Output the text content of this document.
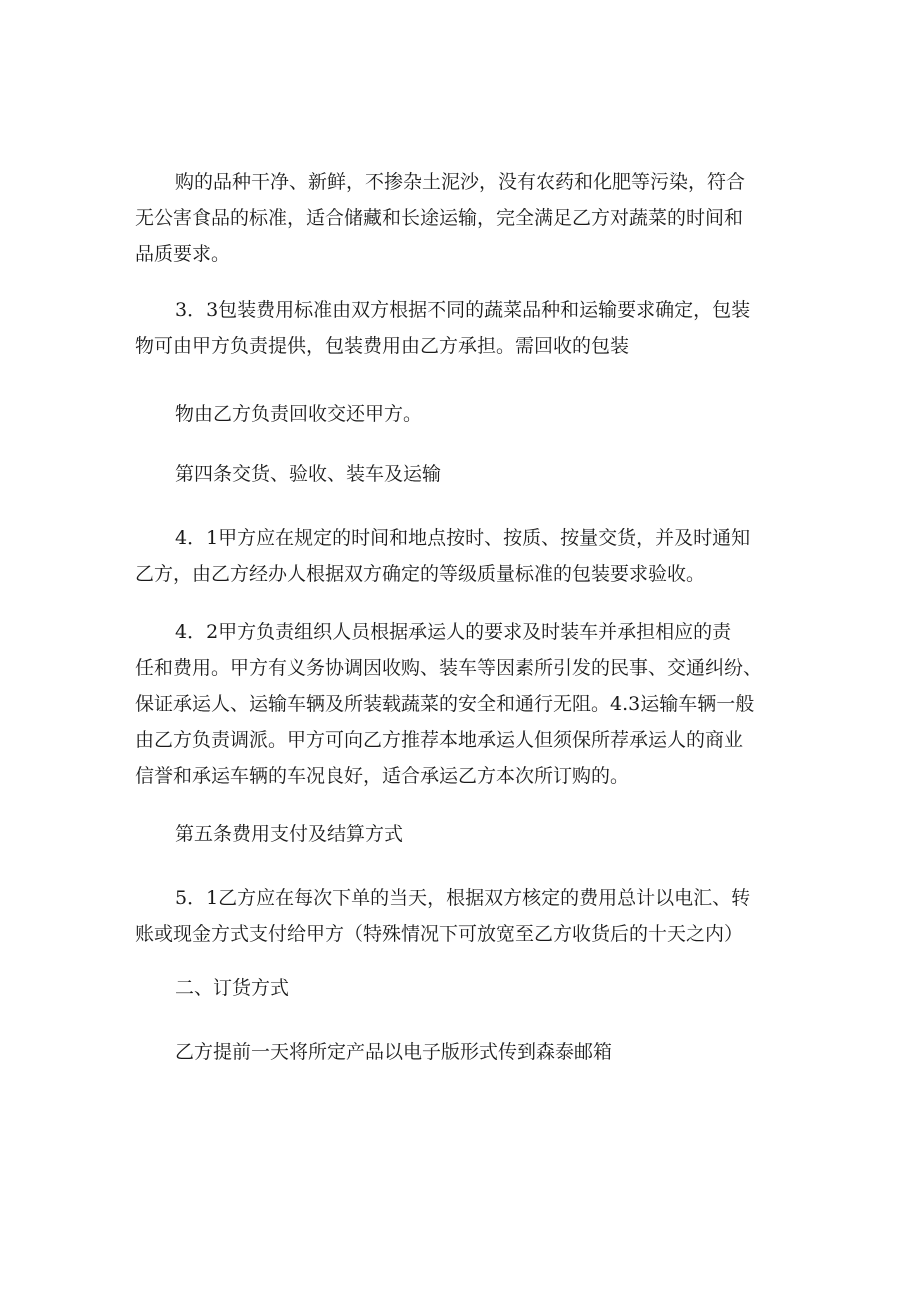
购的品种干净、新鲜，不掺杂土泥沙，没有农药和化肥等污染，符合
无公害食品的标准，适合储藏和长途运输，完全满足乙方对蔬菜的时间和
品质要求。
3．3包装费用标准由双方根据不同的蔬菜品种和运输要求确定，包装
物可由甲方负责提供，包装费用由乙方承担。需回收的包装
物由乙方负责回收交还甲方。
第四条交货、验收、装车及运输
4．1甲方应在规定的时间和地点按时、按质、按量交货，并及时通知
乙方，由乙方经办人根据双方确定的等级质量标准的包装要求验收。
4．2甲方负责组织人员根据承运人的要求及时装车并承担相应的责
任和费用。甲方有义务协调因收购、装车等因素所引发的民事、交通纠纷、
保证承运人、运输车辆及所装载蔬菜的安全和通行无阻。4.3运输车辆一般
由乙方负责调派。甲方可向乙方推荐本地承运人但须保所荐承运人的商业
信誉和承运车辆的车况良好，适合承运乙方本次所订购的。
第五条费用支付及结算方式
5．1乙方应在每次下单的当天，根据双方核定的费用总计以电汇、转
账或现金方式支付给甲方（特殊情况下可放宽至乙方收货后的十天之内）
二、订货方式
乙方提前一天将所定产品以电子版形式传到森泰邮箱
